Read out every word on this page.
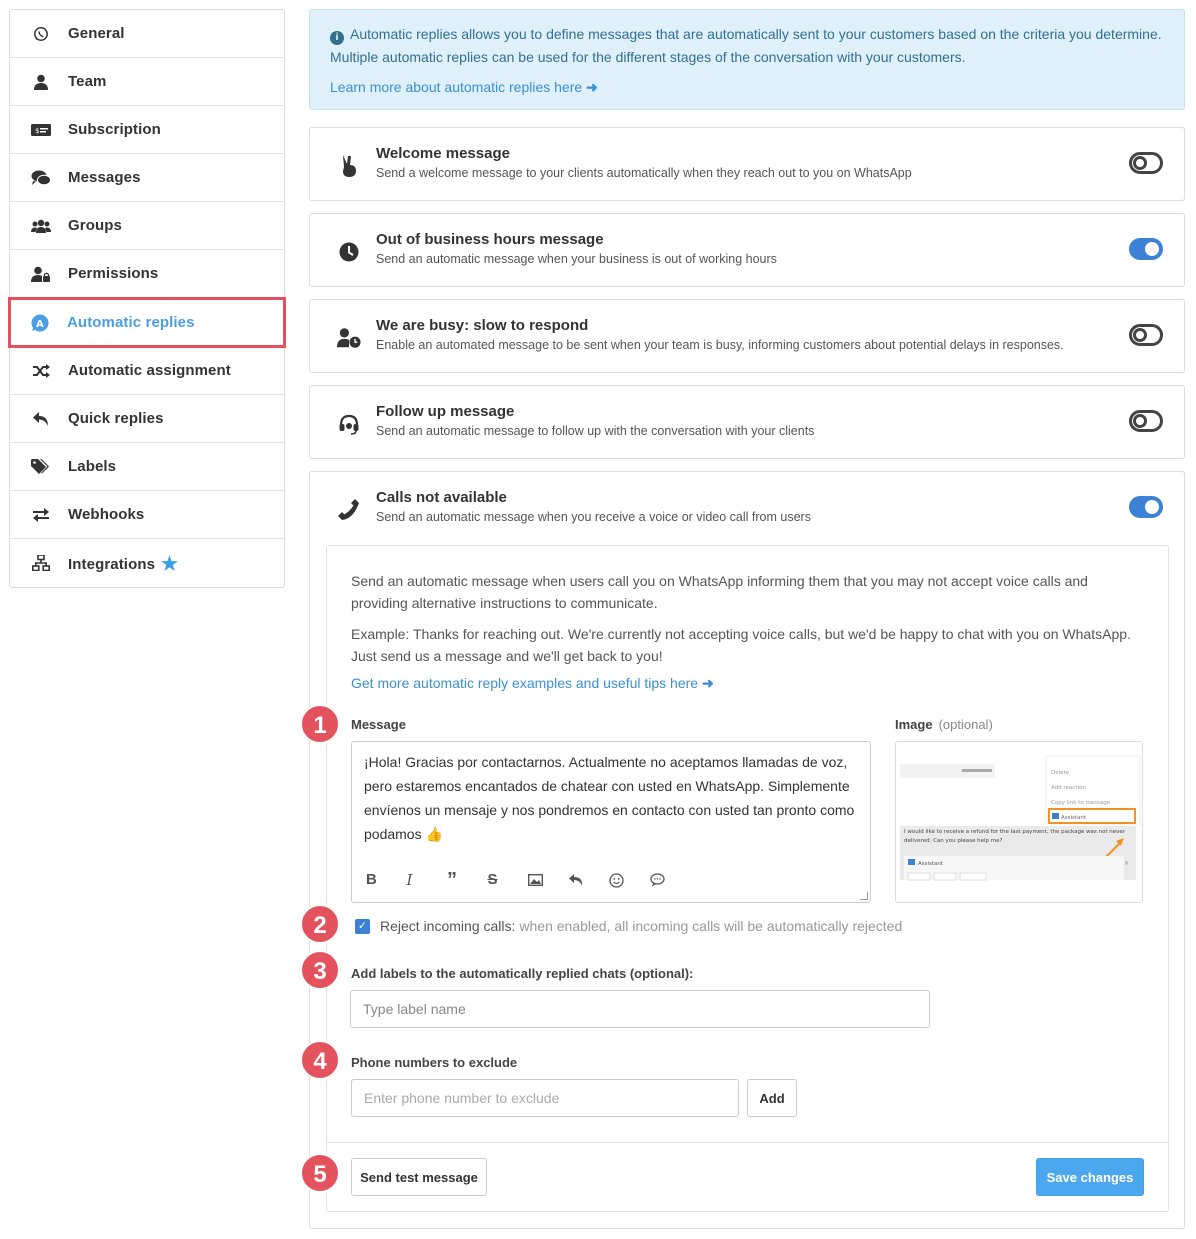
General
Team
$ Subscription
Messages
Groups
Permissions
A Automatic replies
Automatic assignment
Quick replies
Labels
Webhooks
Integrations ★
i Automatic replies allows you to define messages that are automatically sent to your customers based on the criteria you determine. Multiple automatic replies can be used for the different stages of the conversation with your customers.
Learn more about automatic replies here ➜
Welcome message
Send a welcome message to your clients automatically when they reach out to you on WhatsApp
Out of business hours message
Send an automatic message when your business is out of working hours
We are busy: slow to respond
Enable an automated message to be sent when your team is busy, informing customers about potential delays in responses.
Follow up message
Send an automatic message to follow up with the conversation with your clients
Calls not available
Send an automatic message when you receive a voice or video call from users
Send an automatic message when users call you on WhatsApp informing them that you may not accept voice calls and providing alternative instructions to communicate.
Example: Thanks for reaching out. We're currently not accepting voice calls, but we'd be happy to chat with you on WhatsApp. Just send us a message and we'll get back to you!
Get more automatic reply examples and useful tips here ➜
Message	Image (optional)
¡Hola! Gracias por contactarnos. Actualmente no aceptamos llamadas de voz, pero estaremos encantados de chatear con usted en WhatsApp. Simplemente envíenos un mensaje y nos pondremos en contacto con usted tan pronto como podamos 👍
B	I	”	S
Delete
Add reaction
Copy link to message
Assistant
I would like to receive a refund for the last payment, the package was not never delivered. Can you please help me?
Assistant	×
✓ Reject incoming calls: when enabled, all incoming calls will be automatically rejected
Add labels to the automatically replied chats (optional):
Type label name
Phone numbers to exclude
Enter phone number to exclude	Add
Send test message	Save changes
1
2
3
4
5
